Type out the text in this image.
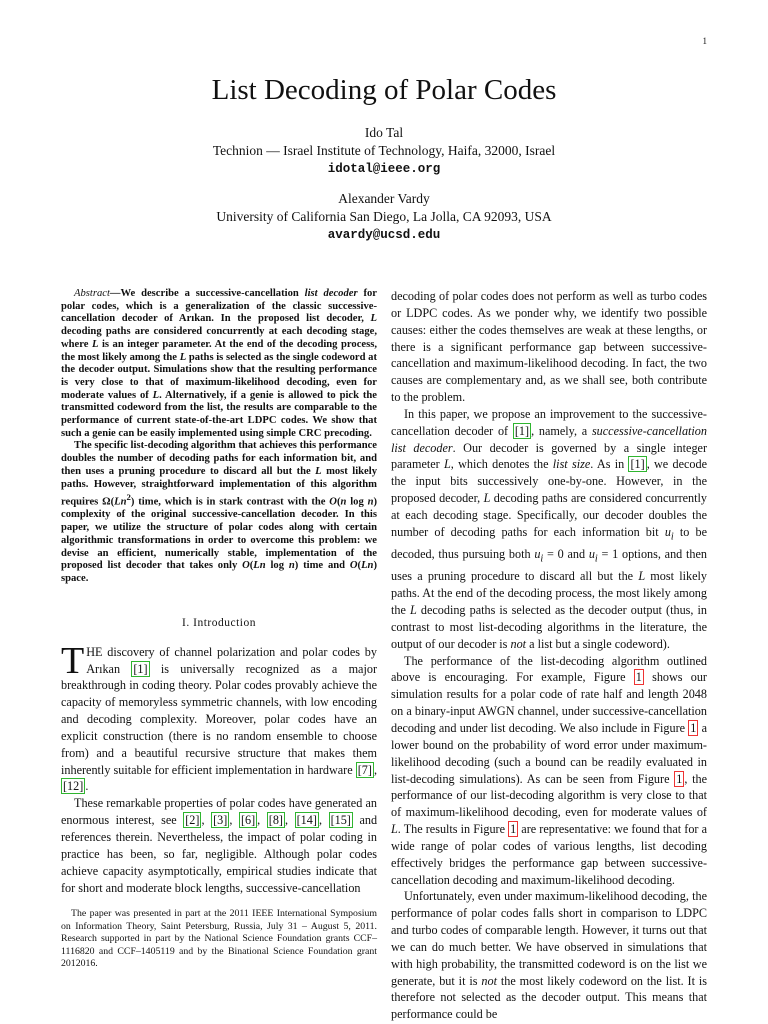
1
List Decoding of Polar Codes
Ido Tal
Technion — Israel Institute of Technology, Haifa, 32000, Israel
idotal@ieee.org
Alexander Vardy
University of California San Diego, La Jolla, CA 92093, USA
avardy@ucsd.edu

Abstract—We describe a successive-cancellation list decoder for polar codes, which is a generalization of the classic successive-cancellation decoder of Arıkan. In the proposed list decoder, L decoding paths are considered concurrently at each decoding stage, where L is an integer parameter. At the end of the decoding process, the most likely among the L paths is selected as the single codeword at the decoder output. Simulations show that the resulting performance is very close to that of maximum-likelihood decoding, even for moderate values of L. Alternatively, if a genie is allowed to pick the transmitted codeword from the list, the results are comparable to the performance of current state-of-the-art LDPC codes. We show that such a genie can be easily implemented using simple CRC precoding.

The specific list-decoding algorithm that achieves this performance doubles the number of decoding paths for each information bit, and then uses a pruning procedure to discard all but the L most likely paths. However, straightforward implementation of this algorithm requires Ω(Ln$^2$) time, which is in stark contrast with the O(n log n) complexity of the original successive-cancellation decoder. In this paper, we utilize the structure of polar codes along with certain algorithmic transformations in order to overcome this problem: we devise an efficient, numerically stable, implementation of the proposed list decoder that takes only O(Ln log n) time and O(Ln) space.

I. Introduction

THE discovery of channel polarization and polar codes by Arıkan [1] is universally recognized as a major breakthrough in coding theory. Polar codes provably achieve the capacity of memoryless symmetric channels, with low encoding and decoding complexity. Moreover, polar codes have an explicit construction (there is no random ensemble to choose from) and a beautiful recursive structure that makes them inherently suitable for efficient implementation in hardware [7] , [12] .

These remarkable properties of polar codes have generated an enormous interest, see [2] , [3] , [6] , [8] , [14] , [15] and references therein. Nevertheless, the impact of polar coding in practice has been, so far, negligible. Although polar codes achieve capacity asymptotically, empirical studies indicate that for short and moderate block lengths, successive-cancellation

The paper was presented in part at the 2011 IEEE International Symposium on Information Theory, Saint Petersburg, Russia, July 31 – August 5, 2011. Research supported in part by the National Science Foundation grants CCF–1116820 and CCF–1405119 and by the Binational Science Foundation grant 2012016.

decoding of polar codes does not perform as well as turbo codes or LDPC codes. As we ponder why, we identify two possible causes: either the codes themselves are weak at these lengths, or there is a significant performance gap between successive-cancellation and maximum-likelihood decoding. In fact, the two causes are complementary and, as we shall see, both contribute to the problem.

In this paper, we propose an improvement to the successive-cancellation decoder of [1] , namely, a successive-cancellation list decoder. Our decoder is governed by a single integer parameter L, which denotes the list size. As in [1] , we decode the input bits successively one-by-one. However, in the proposed decoder, L decoding paths are considered concurrently at each decoding stage. Specifically, our decoder doubles the number of decoding paths for each information bit $u_i$ to be decoded, thus pursuing both $u_i = 0$ and $u_i = 1$ options, and then uses a pruning procedure to discard all but the L most likely paths. At the end of the decoding process, the most likely among the L decoding paths is selected as the decoder output (thus, in contrast to most list-decoding algorithms in the literature, the output of our decoder is not a list but a single codeword).

The performance of the list-decoding algorithm outlined above is encouraging. For example, Figure 1 shows our simulation results for a polar code of rate half and length 2048 on a binary-input AWGN channel, under successive-cancellation decoding and under list decoding. We also include in Figure 1 a lower bound on the probability of word error under maximum-likelihood decoding (such a bound can be readily evaluated in list-decoding simulations). As can be seen from Figure 1 , the performance of our list-decoding algorithm is very close to that of maximum-likelihood decoding, even for moderate values of L. The results in Figure 1 are representative: we found that for a wide range of polar codes of various lengths, list decoding effectively bridges the performance gap between successive-cancellation decoding and maximum-likelihood decoding.

Unfortunately, even under maximum-likelihood decoding, the performance of polar codes falls short in comparison to LDPC and turbo codes of comparable length. However, it turns out that we can do much better. We have observed in simulations that with high probability, the transmitted codeword is on the list we generate, but it is not the most likely codeword on the list. It is therefore not selected as the decoder output. This means that performance could be
